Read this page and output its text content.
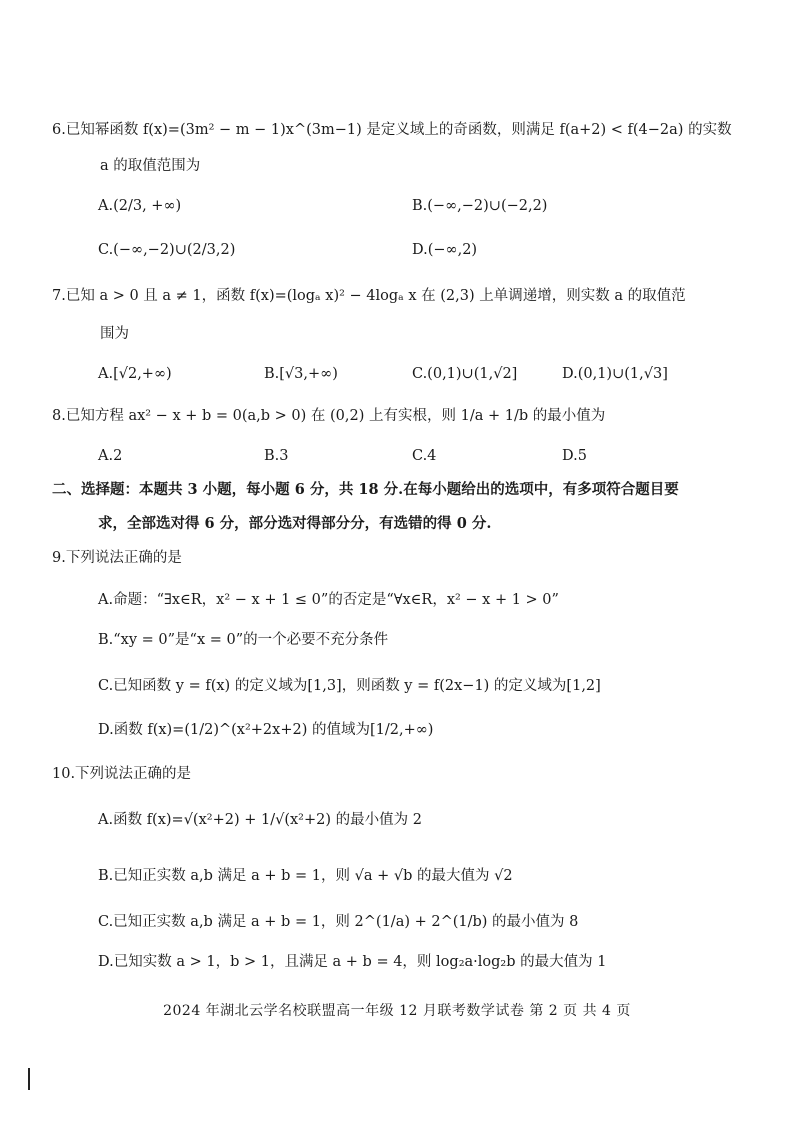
6.已知幂函数 f(x)=(3m² − m − 1)x^(3m−1) 是定义域上的奇函数，则满足 f(a+2) < f(4−2a) 的实数
a 的取值范围为
A.(2/3, +∞)	B.(−∞,−2)∪(−2,2)
C.(−∞,−2)∪(2/3,2)	D.(−∞,2)
7.已知 a > 0 且 a ≠ 1，函数 f(x)=(logₐ x)² − 4logₐ x 在 (2,3) 上单调递增，则实数 a 的取值范
围为
A.[√2,+∞)	B.[√3,+∞)	C.(0,1)∪(1,√2]	D.(0,1)∪(1,√3]
8.已知方程 ax² − x + b = 0(a,b > 0) 在 (0,2) 上有实根，则 1/a + 1/b 的最小值为
A.2	B.3	C.4	D.5
二、选择题：本题共 3 小题，每小题 6 分，共 18 分.在每小题给出的选项中，有多项符合题目要
求，全部选对得 6 分，部分选对得部分分，有选错的得 0 分.
9.下列说法正确的是
A.命题：“∃x∈R，x² − x + 1 ≤ 0”的否定是“∀x∈R，x² − x + 1 > 0”
B.“xy = 0”是“x = 0”的一个必要不充分条件
C.已知函数 y = f(x) 的定义域为[1,3]，则函数 y = f(2x−1) 的定义域为[1,2]
D.函数 f(x)=(1/2)^(x²+2x+2) 的值域为[1/2,+∞)
10.下列说法正确的是
A.函数 f(x)=√(x²+2) + 1/√(x²+2) 的最小值为 2
B.已知正实数 a,b 满足 a + b = 1，则 √a + √b 的最大值为 √2
C.已知正实数 a,b 满足 a + b = 1，则 2^(1/a) + 2^(1/b) 的最小值为 8
D.已知实数 a > 1，b > 1，且满足 a + b = 4，则 log₂a·log₂b 的最大值为 1
2024 年湖北云学名校联盟高一年级 12 月联考数学试卷 第 2 页 共 4 页
